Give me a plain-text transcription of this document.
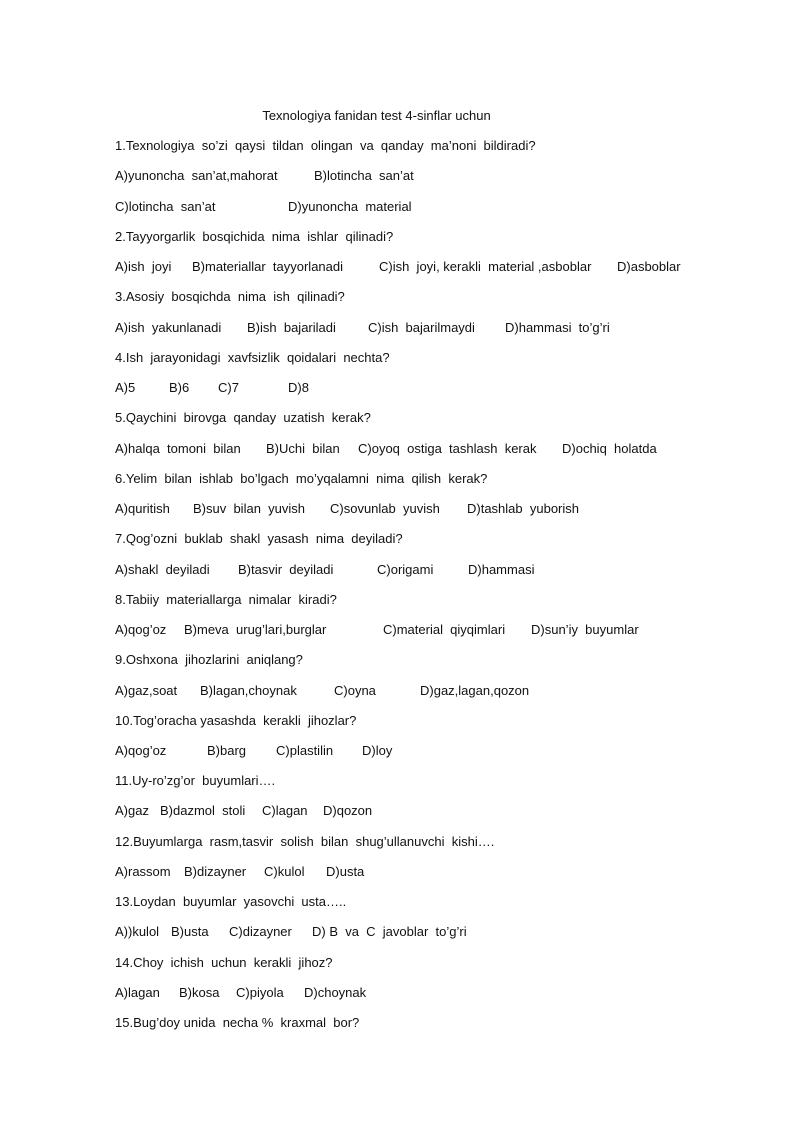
Texnologiya fanidan test 4-sinflar uchun
1.Texnologiya  so’zi  qaysi  tildan  olingan  va  qanday  ma’noni  bildiradi?
A)yunoncha  san’at,mahorat	B)lotincha  san’at
C)lotincha  san’at	D)yunoncha  material
2.Tayyorgarlik  bosqichida  nima  ishlar  qilinadi?
A)ish  joyi B)materiallar  tayyorlanadi	C)ish  joyi, kerakli  material ,asboblar D)asboblar
3.Asosiy  bosqichda  nima  ish  qilinadi?
A)ish  yakunlanadi B)ish  bajariladi C)ish  bajarilmaydi D)hammasi  to’g’ri
4.Ish  jarayonidagi  xavfsizlik  qoidalari  nechta?
A)5	B)6 C)7	D)8
5.Qaychini  birovga  qanday  uzatish  kerak?
A)halqa  tomoni  bilan B)Uchi  bilan C)oyoq  ostiga  tashlash  kerak D)ochiq  holatda
6.Yelim  bilan  ishlab  bo’lgach  mo’yqalamni  nima  qilish  kerak?
A)quritish B)suv  bilan  yuvish C)sovunlab  yuvish D)tashlab  yuborish
7.Qog’ozni  buklab  shakl  yasash  nima  deyiladi?
A)shakl  deyiladi B)tasvir  deyiladi	C)origami	D)hammasi
8.Tabiiy  materiallarga  nimalar  kiradi?
A)qog’oz B)meva  urug’lari,burglar	C)material  qiyqimlari D)sun’iy  buyumlar
9.Oshxona  jihozlarini  aniqlang?
A)gaz,soat B)lagan,choynak	C)oyna	D)gaz,lagan,qozon
10.Tog’oracha yasashda  kerakli  jihozlar?
A)qog’oz	B)barg C)plastilin D)loy
11.Uy-ro’zg’or  buyumlari….
A)gaz B)dazmol  stoli C)lagan D)qozon
12.Buyumlarga  rasm,tasvir  solish  bilan  shug’ullanuvchi  kishi….
A)rassom B)dizayner C)kulol D)usta
13.Loydan  buyumlar  yasovchi  usta…..
A))kulol B)usta C)dizayner D) B  va  C  javoblar  to’g’ri
14.Choy  ichish  uchun  kerakli  jihoz?
A)lagan B)kosa C)piyola D)choynak
15.Bug’doy unida  necha %  kraxmal  bor?
